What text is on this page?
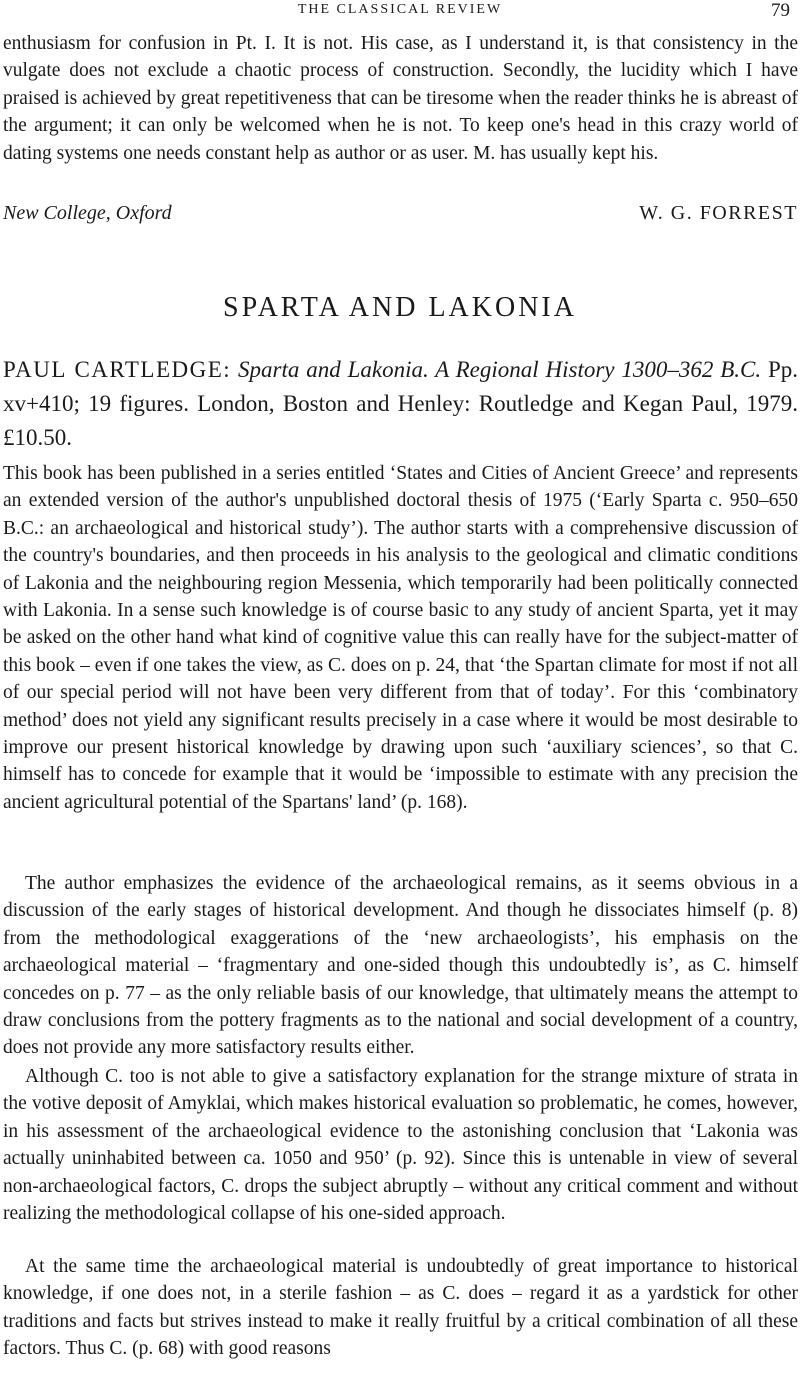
THE CLASSICAL REVIEW	79

enthusiasm for confusion in Pt. I. It is not. His case, as I understand it, is that consistency in the vulgate does not exclude a chaotic process of construction. Secondly, the lucidity which I have praised is achieved by great repetitiveness that can be tiresome when the reader thinks he is abreast of the argument; it can only be welcomed when he is not. To keep one's head in this crazy world of dating systems one needs constant help as author or as user. M. has usually kept his.

New College, Oxford	W. G. FORREST
SPARTA AND LAKONIA

PAUL CARTLEDGE: Sparta and Lakonia. A Regional History 1300–362 B.C. Pp. xv+410; 19 figures. London, Boston and Henley: Routledge and Kegan Paul, 1979. £10.50.

This book has been published in a series entitled ‘States and Cities of Ancient Greece’ and represents an extended version of the author's unpublished doctoral thesis of 1975 (‘Early Sparta c. 950–650 B.C.: an archaeological and historical study’). The author starts with a comprehensive discussion of the country's boundaries, and then proceeds in his analysis to the geological and climatic conditions of Lakonia and the neighbouring region Messenia, which temporarily had been politically connected with Lakonia. In a sense such knowledge is of course basic to any study of ancient Sparta, yet it may be asked on the other hand what kind of cognitive value this can really have for the subject-matter of this book – even if one takes the view, as C. does on p. 24, that ‘the Spartan climate for most if not all of our special period will not have been very different from that of today’. For this ‘combinatory method’ does not yield any significant results precisely in a case where it would be most desirable to improve our present historical knowledge by drawing upon such ‘auxiliary sciences’, so that C. himself has to concede for example that it would be ‘impossible to estimate with any precision the ancient agricultural potential of the Spartans' land’ (p. 168).

The author emphasizes the evidence of the archaeological remains, as it seems obvious in a discussion of the early stages of historical development. And though he dissociates himself (p. 8) from the methodological exaggerations of the ‘new archaeologists’, his emphasis on the archaeological material – ‘fragmentary and one-sided though this undoubtedly is’, as C. himself concedes on p. 77 – as the only reliable basis of our knowledge, that ultimately means the attempt to draw conclusions from the pottery fragments as to the national and social development of a country, does not provide any more satisfactory results either.

Although C. too is not able to give a satisfactory explanation for the strange mixture of strata in the votive deposit of Amyklai, which makes historical evaluation so problematic, he comes, however, in his assessment of the archaeological evidence to the astonishing conclusion that ‘Lakonia was actually uninhabited between ca. 1050 and 950’ (p. 92). Since this is untenable in view of several non-archaeological factors, C. drops the subject abruptly – without any critical comment and without realizing the methodological collapse of his one-sided approach.

At the same time the archaeological material is undoubtedly of great importance to historical knowledge, if one does not, in a sterile fashion – as C. does – regard it as a yardstick for other traditions and facts but strives instead to make it really fruitful by a critical combination of all these factors. Thus C. (p. 68) with good reasons
